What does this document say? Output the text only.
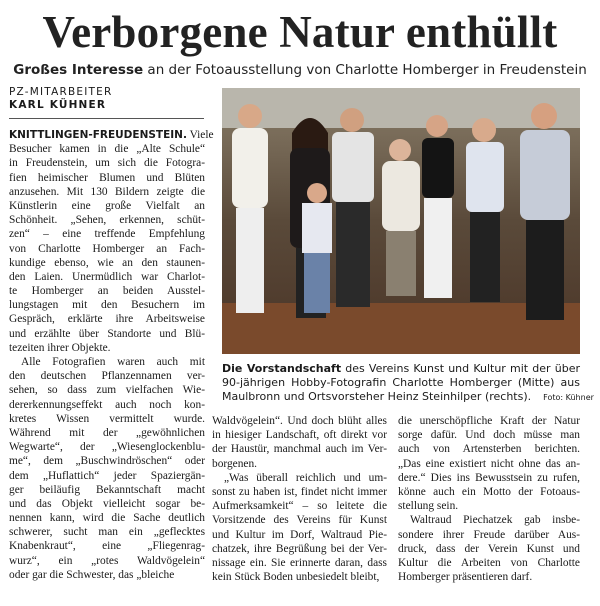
Verborgene Natur enthüllt
Großes Interesse an der Fotoausstellung von Charlotte Homberger in Freudenstein
PZ-MITARBEITER
KARL KÜHNER
KNITTLINGEN-FREUDENSTEIN. Viele
Besucher kamen in die „Alte Schule“
in Freudenstein, um sich die Fotogra-
fien heimischer Blumen und Blüten
anzusehen. Mit 130 Bildern zeigte die
Künstlerin eine große Vielfalt an
Schönheit. „Sehen, erkennen, schüt-
zen“ – eine treffende Empfehlung
von Charlotte Homberger an Fach-
kundige ebenso, wie an den staunen-
den Laien. Unermüdlich war Charlot-
te Homberger an beiden Ausstel-
lungstagen mit den Besuchern im
Gespräch, erklärte ihre Arbeitsweise
und erzählte über Standorte und Blü-
tezeiten ihrer Objekte.
Alle Fotografien waren auch mit
den deutschen Pflanzennamen ver-
sehen, so dass zum vielfachen Wie-
dererkennungseffekt auch noch kon-
kretes Wissen vermittelt wurde.
Während mit der „gewöhnlichen
Wegwarte“, der „Wiesenglockenblu-
me“, dem „Buschwindröschen“ oder
dem „Huflattich“ jeder Spaziergän-
ger beiläufig Bekanntschaft macht
und das Objekt vielleicht sogar be-
nennen kann, wird die Sache deutlich
schwerer, sucht man ein „geflecktes
Knabenkraut“, eine „Fliegenrag-
wurz“, ein „rotes Waldvögelein“
oder gar die Schwester, das „bleiche
Waldvögelein“. Und doch blüht alles
in hiesiger Landschaft, oft direkt vor
der Haustür, manchmal auch im Ver-
borgenen.
„Was überall reichlich und um-
sonst zu haben ist, findet nicht immer
Aufmerksamkeit“ – so leitete die
Vorsitzende des Vereins für Kunst
und Kultur im Dorf, Waltraud Pie-
chatzek, ihre Begrüßung bei der Ver-
nissage ein. Sie erinnerte daran, dass
kein Stück Boden unbesiedelt bleibt,
die unerschöpfliche Kraft der Natur
sorge dafür. Und doch müsse man
auch von Artensterben berichten.
„Das eine existiert nicht ohne das an-
dere.“ Dies ins Bewusstsein zu rufen,
könne auch ein Motto der Fotoaus-
stellung sein.
Waltraud Piechatzek gab insbe-
sondere ihrer Freude darüber Aus-
druck, dass der Verein Kunst und
Kultur die Arbeiten von Charlotte
Homberger präsentieren darf.
Die Vorstandschaft des Vereins Kunst und Kultur mit der über
90-jährigen Hobby-Fotografin Charlotte Homberger (Mitte) aus
Maulbronn und Ortsvorsteher Heinz Steinhilper (rechts). Foto: Kühner
